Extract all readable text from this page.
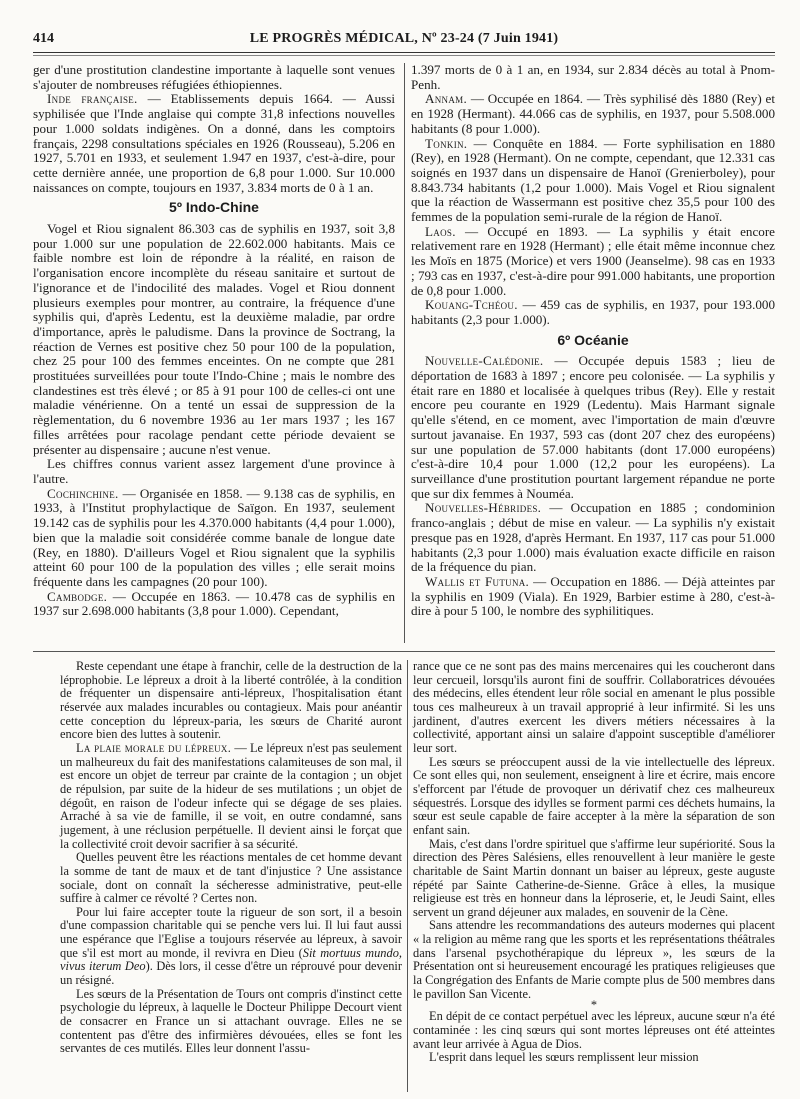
414	LE PROGRÈS MÉDICAL, Nº 23-24 (7 Juin 1941)

ger d'une prostitution clandestine importante à laquelle sont venues s'ajouter de nombreuses réfugiées éthiopiennes.

Inde française. — Etablissements depuis 1664. — Aussi syphilisée que l'Inde anglaise qui compte 31,8 infections nouvelles pour 1.000 soldats indigènes. On a donné, dans les comptoirs français, 2298 consultations spéciales en 1926 (Rousseau), 5.206 en 1927, 5.701 en 1933, et seulement 1.947 en 1937, c'est-à-dire, pour cette dernière année, une proportion de 6,8 pour 1.000. Sur 10.000 naissances on compte, toujours en 1937, 3.834 morts de 0 à 1 an.

5º Indo-Chine

Vogel et Riou signalent 86.303 cas de syphilis en 1937, soit 3,8 pour 1.000 sur une population de 22.602.000 habitants. Mais ce faible nombre est loin de répondre à la réalité, en raison de l'organisation encore incomplète du réseau sanitaire et surtout de l'ignorance et de l'indocilité des malades. Vogel et Riou donnent plusieurs exemples pour montrer, au contraire, la fréquence d'une syphilis qui, d'après Ledentu, est la deuxième maladie, par ordre d'importance, après le paludisme. Dans la province de Soctrang, la réaction de Vernes est positive chez 50 pour 100 de la population, chez 25 pour 100 des femmes enceintes. On ne compte que 281 prostituées surveillées pour toute l'Indo-Chine ; mais le nombre des clandestines est très élevé ; or 85 à 91 pour 100 de celles-ci ont une maladie vénérienne. On a tenté un essai de suppression de la règlementation, du 6 novembre 1936 au 1er mars 1937 ; les 167 filles arrêtées pour racolage pendant cette période devaient se présenter au dispensaire ; aucune n'est venue.

Les chiffres connus varient assez largement d'une province à l'autre.

Cochinchine. — Organisée en 1858. — 9.138 cas de syphilis, en 1933, à l'Institut prophylactique de Saïgon. En 1937, seulement 19.142 cas de syphilis pour les 4.370.000 habitants (4,4 pour 1.000), bien que la maladie soit considérée comme banale de longue date (Rey, en 1880). D'ailleurs Vogel et Riou signalent que la syphilis atteint 60 pour 100 de la population des villes ; elle serait moins fréquente dans les campagnes (20 pour 100).

Cambodge. — Occupée en 1863. — 10.478 cas de syphilis en 1937 sur 2.698.000 habitants (3,8 pour 1.000). Cependant,

1.397 morts de 0 à 1 an, en 1934, sur 2.834 décès au total à Pnom-Penh.

Annam. — Occupée en 1864. — Très syphilisé dès 1880 (Rey) et en 1928 (Hermant). 44.066 cas de syphilis, en 1937, pour 5.508.000 habitants (8 pour 1.000).

Tonkin. — Conquête en 1884. — Forte syphilisation en 1880 (Rey), en 1928 (Hermant). On ne compte, cependant, que 12.331 cas soignés en 1937 dans un dispensaire de Hanoï (Grenierboley), pour 8.843.734 habitants (1,2 pour 1.000). Mais Vogel et Riou signalent que la réaction de Wassermann est positive chez 35,5 pour 100 des femmes de la population semi-rurale de la région de Hanoï.

Laos. — Occupé en 1893. — La syphilis y était encore relativement rare en 1928 (Hermant) ; elle était même inconnue chez les Moïs en 1875 (Morice) et vers 1900 (Jeanselme). 98 cas en 1933 ; 793 cas en 1937, c'est-à-dire pour 991.000 habitants, une proportion de 0,8 pour 1.000.

Kouang-Tchéou. — 459 cas de syphilis, en 1937, pour 193.000 habitants (2,3 pour 1.000).

6º Océanie

Nouvelle-Calédonie. — Occupée depuis 1583 ; lieu de déportation de 1683 à 1897 ; encore peu colonisée. — La syphilis y était rare en 1880 et localisée à quelques tribus (Rey). Elle y restait encore peu courante en 1929 (Ledentu). Mais Harmant signale qu'elle s'étend, en ce moment, avec l'importation de main d'œuvre surtout javanaise. En 1937, 593 cas (dont 207 chez des européens) sur une population de 57.000 habitants (dont 17.000 européens) c'est-à-dire 10,4 pour 1.000 (12,2 pour les européens). La surveillance d'une prostitution pourtant largement répandue ne porte que sur dix femmes à Nouméa.

Nouvelles-Hébrides. — Occupation en 1885 ; condominion franco-anglais ; début de mise en valeur. — La syphilis n'y existait presque pas en 1928, d'après Hermant. En 1937, 117 cas pour 51.000 habitants (2,3 pour 1.000) mais évaluation exacte difficile en raison de la fréquence du pian.

Wallis et Futuna. — Occupation en 1886. — Déjà atteintes par la syphilis en 1909 (Viala). En 1929, Barbier estime à 280, c'est-à-dire à pour 5 100, le nombre des syphilitiques.

Reste cependant une étape à franchir, celle de la destruction de la léprophobie. Le lépreux a droit à la liberté contrôlée, à la condition de fréquenter un dispensaire anti-lépreux, l'hospitalisation étant réservée aux malades incurables ou contagieux. Mais pour anéantir cette conception du lépreux-paria, les sœurs de Charité auront encore bien des luttes à soutenir.

La plaie morale du lépreux. — Le lépreux n'est pas seulement un malheureux du fait des manifestations calamiteuses de son mal, il est encore un objet de terreur par crainte de la contagion ; un objet de répulsion, par suite de la hideur de ses mutilations ; un objet de dégoût, en raison de l'odeur infecte qui se dégage de ses plaies. Arraché à sa vie de famille, il se voit, en outre condamné, sans jugement, à une réclusion perpétuelle. Il devient ainsi le forçat que la collectivité croit devoir sacrifier à sa sécurité.

Quelles peuvent être les réactions mentales de cet homme devant la somme de tant de maux et de tant d'injustice ? Une assistance sociale, dont on connaît la sécheresse administrative, peut-elle suffire à calmer ce révolté ? Certes non.

Pour lui faire accepter toute la rigueur de son sort, il a besoin d'une compassion charitable qui se penche vers lui. Il lui faut aussi une espérance que l'Eglise a toujours réservée au lépreux, à savoir que s'il est mort au monde, il revivra en Dieu (Sit mortuus mundo, vivus iterum Deo). Dès lors, il cesse d'être un réprouvé pour devenir un résigné.

Les sœurs de la Présentation de Tours ont compris d'instinct cette psychologie du lépreux, à laquelle le Docteur Philippe Decourt vient de consacrer en France un si attachant ouvrage. Elles ne se contentent pas d'être des infirmières dévouées, elles se font les servantes de ces mutilés. Elles leur donnent l'assu-

rance que ce ne sont pas des mains mercenaires qui les coucheront dans leur cercueil, lorsqu'ils auront fini de souffrir. Collaboratrices dévouées des médecins, elles étendent leur rôle social en amenant le plus possible tous ces malheureux à un travail approprié à leur infirmité. Si les uns jardinent, d'autres exercent les divers métiers nécessaires à la collectivité, apportant ainsi un salaire d'appoint susceptible d'améliorer leur sort.

Les sœurs se préoccupent aussi de la vie intellectuelle des lépreux. Ce sont elles qui, non seulement, enseignent à lire et écrire, mais encore s'efforcent par l'étude de provoquer un dérivatif chez ces malheureux séquestrés. Lorsque des idylles se forment parmi ces déchets humains, la sœur est seule capable de faire accepter à la mère la séparation de son enfant sain.

Mais, c'est dans l'ordre spirituel que s'affirme leur supériorité. Sous la direction des Pères Salésiens, elles renouvellent à leur manière le geste charitable de Saint Martin donnant un baiser au lépreux, geste auguste répété par Sainte Catherine-de-Sienne. Grâce à elles, la musique religieuse est très en honneur dans la léproserie, et, le Jeudi Saint, elles servent un grand déjeuner aux malades, en souvenir de la Cène.

Sans attendre les recommandations des auteurs modernes qui placent « la religion au même rang que les sports et les représentations théâtrales dans l'arsenal psychothérapique du lépreux », les sœurs de la Présentation ont si heureusement encouragé les pratiques religieuses que la Congrégation des Enfants de Marie compte plus de 500 membres dans le pavillon San Vicente.

*

En dépit de ce contact perpétuel avec les lépreux, aucune sœur n'a été contaminée : les cinq sœurs qui sont mortes lépreuses ont été atteintes avant leur arrivée à Agua de Dios.

L'esprit dans lequel les sœurs remplissent leur mission
